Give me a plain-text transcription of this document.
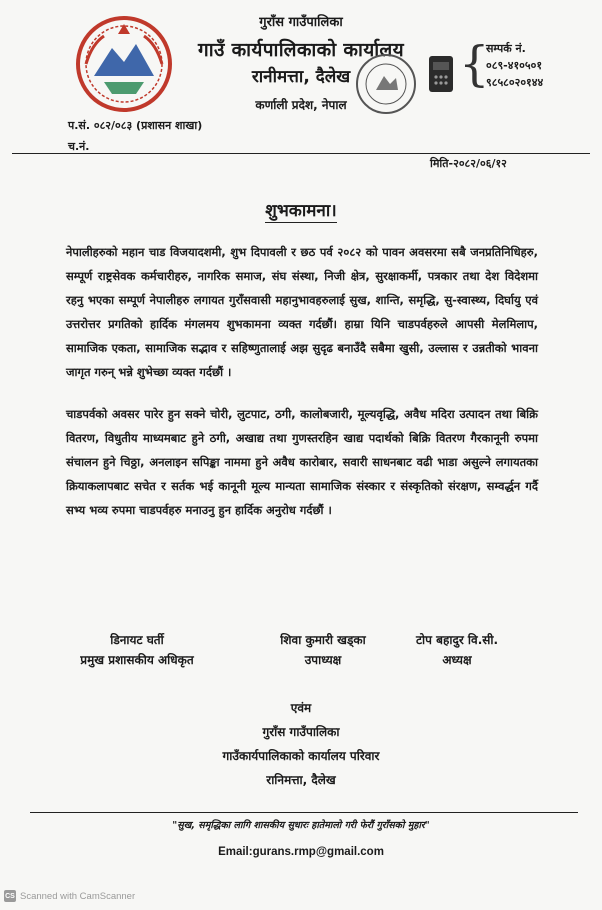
गुराँस गाउँपालिका
गाउँ कार्यपालिकाको कार्यालय
रानीमत्ता, दैलेख
कर्णाली प्रदेश, नेपाल
{
सम्पर्क नं.
०८९-४१०५०१
९८५८०२०१४४
प.सं. ०८२/०८३ (प्रशासन शाखा)
च.नं.
मिति-२०८२/०६/१२
शुभकामना।
नेपालीहरुको महान चाड विजयादशमी, शुभ दिपावली र छठ पर्व २०८२ को पावन अवसरमा सबै जनप्रतिनिधिहरु, सम्पूर्ण राष्ट्रसेवक कर्मचारीहरु, नागरिक समाज, संघ संस्था, निजी क्षेत्र, सुरक्षाकर्मी, पत्रकार तथा देश विदेशमा रहनु भएका सम्पूर्ण नेपालीहरु लगायत गुराँसवासी महानुभावहरुलाई सुख, शान्ति, समृद्धि, सु-स्वास्थ्य, दिर्घायु एवं उत्तरोत्तर प्रगतिको हार्दिक मंगलमय शुभकामना व्यक्त गर्दछौं। हाम्रा यिनि चाडपर्वहरुले आपसी मेलमिलाप, सामाजिक एकता, सामाजिक सद्भाव र सहिष्णुतालाई अझ सुदृढ बनाउँदै सबैमा खुसी, उल्लास र उन्नतीको भावना जागृत गरुन् भन्ने शुभेच्छा व्यक्त गर्दछौं ।
चाडपर्वको अवसर पारेर हुन सक्ने चोरी, लुटपाट, ठगी, कालोबजारी, मूल्यवृद्धि, अवैध मदिरा उत्पादन तथा बिक्रि वितरण, विधुतीय माध्यमबाट हुने ठगी, अखाद्य तथा गुणस्तरहिन खाद्य पदार्थको बिक्रि वितरण गैरकानूनी रुपमा संचालन हुने चिठ्ठा, अनलाइन सपिङ्का नाममा हुने अवैध कारोबार, सवारी साधनबाट वढी भाडा असुल्ने लगायतका क्रियाकलापबाट सचेत र सर्तक भई कानूनी मूल्य मान्यता सामाजिक संस्कार र संस्कृतिको संरक्षण, सम्वर्द्धन गर्दै सभ्य भव्य रुपमा चाडपर्वहरु मनाउनु हुन हार्दिक अनुरोध गर्दछौं ।
डिनायट घर्ती
प्रमुख प्रशासकीय अधिकृत
शिवा कुमारी खड्का
उपाध्यक्ष
टोप बहादुर वि.सी.
अध्यक्ष
एवंम
गुराँस गाउँपालिका
गाउँकार्यपालिकाको कार्यालय परिवार
रानिमत्ता, दैलेख
"सुख, समृद्धिका लागि शासकीय सुधारः हातेमालो गरी फेरौं गुराँसको मुहार"
Email:gurans.rmp@gmail.com
CS Scanned with CamScanner
